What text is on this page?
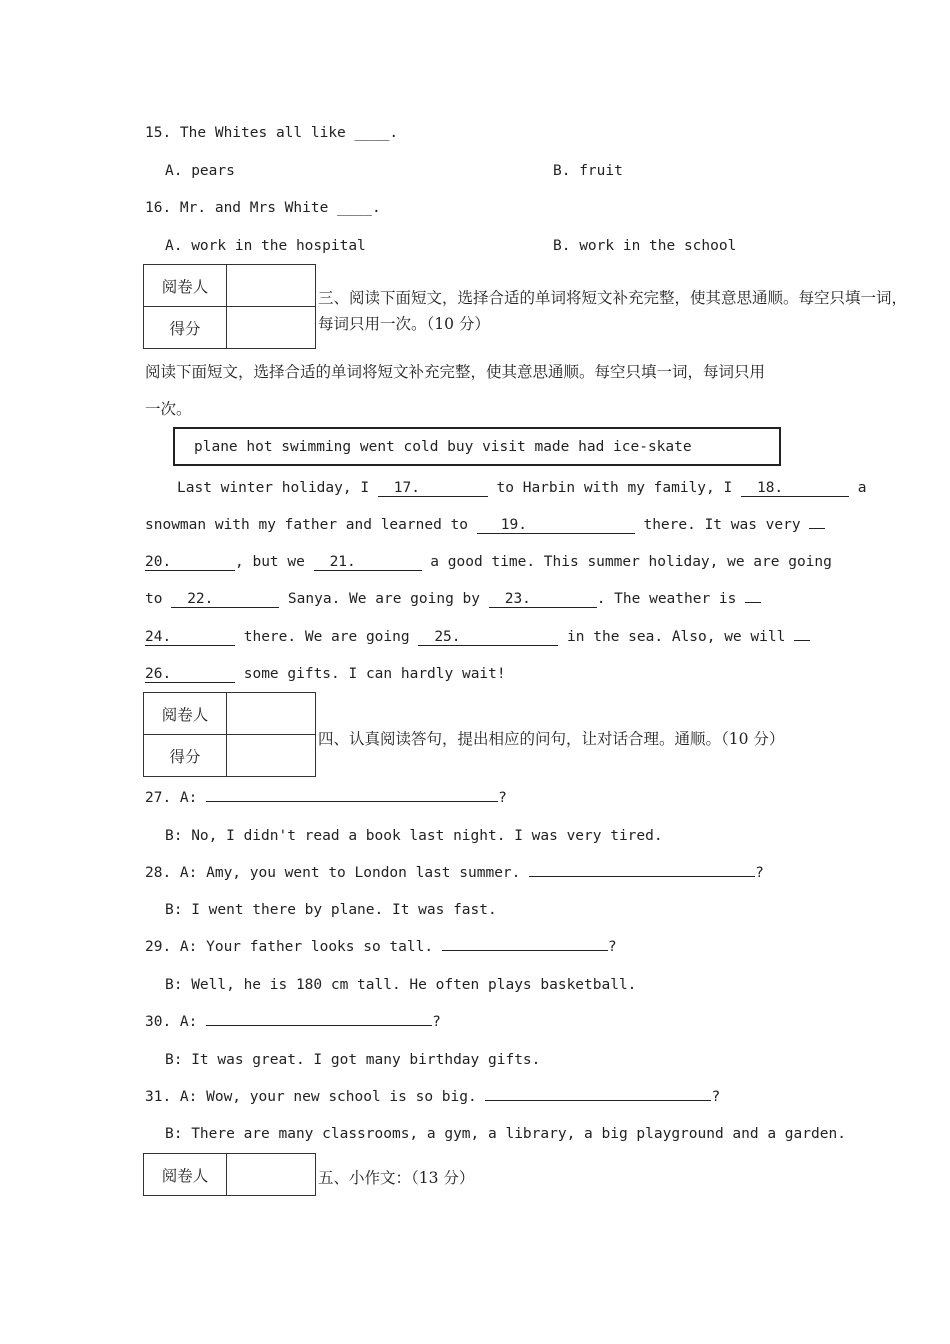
15. The Whites all like ____.
A. pears	B. fruit
16. Mr. and Mrs White ____.
A. work in the hospital	B. work in the school
阅卷人	
得分	
三、阅读下面短文，选择合适的单词将短文补充完整，使其意思通顺。每空只填一词，
每词只用一次。（10 分）
阅读下面短文，选择合适的单词将短文补充完整，使其意思通顺。每空只填一词，每词只用
一次。
plane hot swimming went cold buy visit made had ice-skate
Last winter holiday, I 17.	to Harbin with my family, I 18.	a
snowman with my father and learned to 19.	there. It was very
20.	, but we 21.	a good time. This summer holiday, we are going
to 22.	Sanya. We are going by 23.	. The weather is
24.	there. We are going 25.	in the sea. Also, we will
26.	some gifts. I can hardly wait!
阅卷人	
得分	
四、认真阅读答句，提出相应的问句，让对话合理。通顺。（10 分）
27. A:	?
B: No, I didn't read a book last night. I was very tired.
28. A: Amy, you went to London last summer.	?
B: I went there by plane. It was fast.
29. A: Your father looks so tall.	?
B: Well, he is 180 cm tall. He often plays basketball.
30. A:	?
B: It was great. I got many birthday gifts.
31. A: Wow, your new school is so big.	?
B: There are many classrooms, a gym, a library, a big playground and a garden.
阅卷人		五、小作文：（13 分）
